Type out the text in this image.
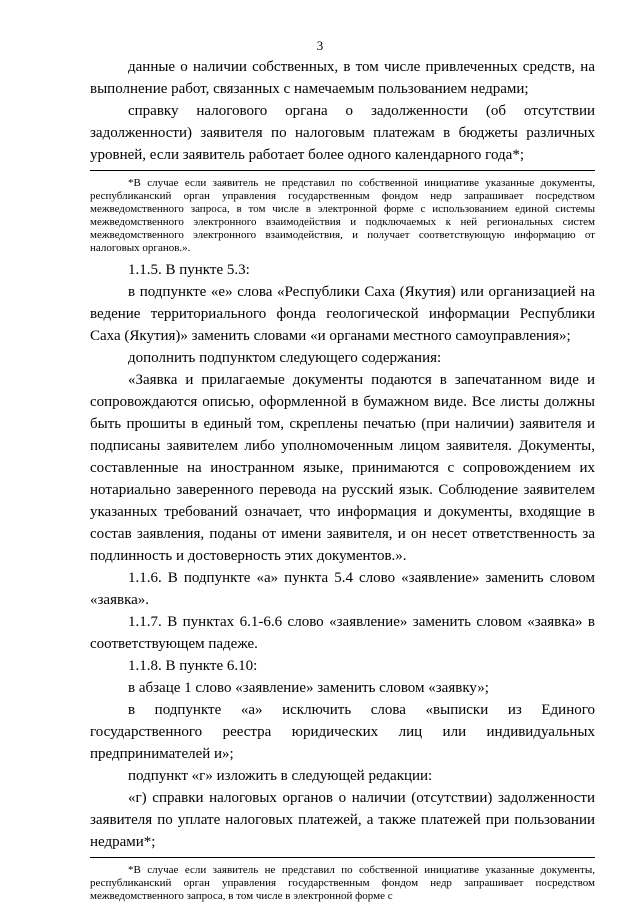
3

данные о наличии собственных, в том числе привлеченных средств, на выполнение работ, связанных с намечаемым пользованием недрами;

справку налогового органа о задолженности (об отсутствии задолженности) заявителя по налоговым платежам в бюджеты различных уровней, если заявитель работает более одного календарного года*;

*В случае если заявитель не представил по собственной инициативе указанные документы, республиканский орган управления государственным фондом недр запрашивает посредством межведомственного запроса, в том числе в электронной форме с использованием единой системы межведомственного электронного взаимодействия и подключаемых к ней региональных систем межведомственного электронного взаимодействия, и получает соответствующую информацию от налоговых органов.».

1.1.5. В пункте 5.3:

в подпункте «е» слова «Республики Саха (Якутия) или организацией на ведение территориального фонда геологической информации Республики Саха (Якутия)» заменить словами «и органами местного самоуправления»;

дополнить подпунктом следующего содержания:

«Заявка и прилагаемые документы подаются в запечатанном виде и сопровождаются описью, оформленной в бумажном виде. Все листы должны быть прошиты в единый том, скреплены печатью (при наличии) заявителя и подписаны заявителем либо уполномоченным лицом заявителя. Документы, составленные на иностранном языке, принимаются с сопровождением их нотариально заверенного перевода на русский язык. Соблюдение заявителем указанных требований означает, что информация и документы, входящие в состав заявления, поданы от имени заявителя, и он несет ответственность за подлинность и достоверность этих документов.».

1.1.6. В подпункте «а» пункта 5.4 слово «заявление» заменить словом «заявка».

1.1.7. В пунктах 6.1-6.6 слово «заявление» заменить словом «заявка» в соответствующем падеже.

1.1.8. В пункте 6.10:

в абзаце 1 слово «заявление» заменить словом «заявку»;

в подпункте «а» исключить слова «выписки из Единого государственного реестра юридических лиц или индивидуальных предпринимателей и»;

подпункт «г» изложить в следующей редакции:

«г) справки налоговых органов о наличии (отсутствии) задолженности заявителя по уплате налоговых платежей, а также платежей при пользовании недрами*;

*В случае если заявитель не представил по собственной инициативе указанные документы, республиканский орган управления государственным фондом недр запрашивает посредством межведомственного запроса, в том числе в электронной форме с
